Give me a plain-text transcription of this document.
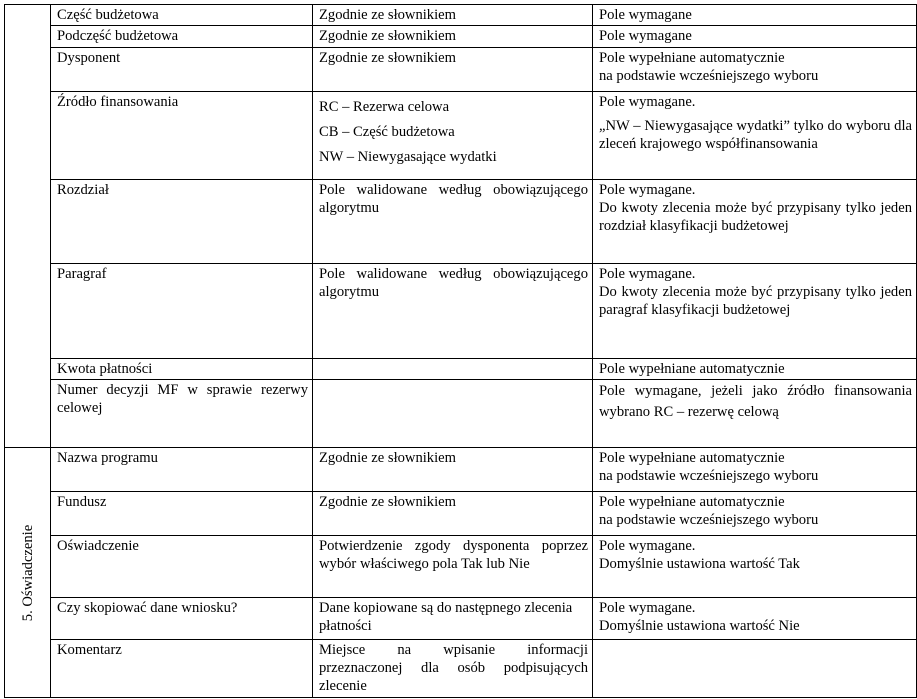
	Część budżetowa	Zgodnie ze słownikiem	Pole wymagane
	Podczęść budżetowa	Zgodnie ze słownikiem	Pole wymagane
	Dysponent	Zgodnie ze słownikiem	Pole wypełniane automatycznie
na podstawie wcześniejszego wyboru

	Źródło finansowania	RC – Rezerwa celowa
CB – Część budżetowa
NW – Niewygasające wydatki	Pole wymagane.
„NW – Niewygasające wydatki” tylko do wyboru dla zleceń krajowego współfinansowania

	Rozdział	Pole walidowane według obowiązującego algorytmu	Pole wymagane.
Do kwoty zlecenia może być przypisany tylko jeden rozdział klasyfikacji budżetowej

	Paragraf	Pole walidowane według obowiązującego algorytmu	Pole wymagane.
Do kwoty zlecenia może być przypisany tylko jeden paragraf klasyfikacji budżetowej

	Kwota płatności		Pole wypełniane automatycznie
	Numer decyzji MF w sprawie rezerwy celowej		Pole wymagane, jeżeli jako źródło finansowania wybrano RC – rezerwę celową

5. Oświadczenie	Nazwa programu	Zgodnie ze słownikiem	Pole wypełniane automatycznie
na podstawie wcześniejszego wyboru

	Fundusz	Zgodnie ze słownikiem	Pole wypełniane automatycznie
na podstawie wcześniejszego wyboru

	Oświadczenie	Potwierdzenie zgody dysponenta poprzez wybór właściwego pola Tak lub Nie	Pole wymagane.
Domyślnie ustawiona wartość Tak

	Czy skopiować dane wniosku?	Dane kopiowane są do następnego zlecenia płatności	Pole wymagane.
Domyślnie ustawiona wartość Nie

	Komentarz	Miejsce na wpisanie informacji przeznaczonej dla osób podpisujących zlecenie	
